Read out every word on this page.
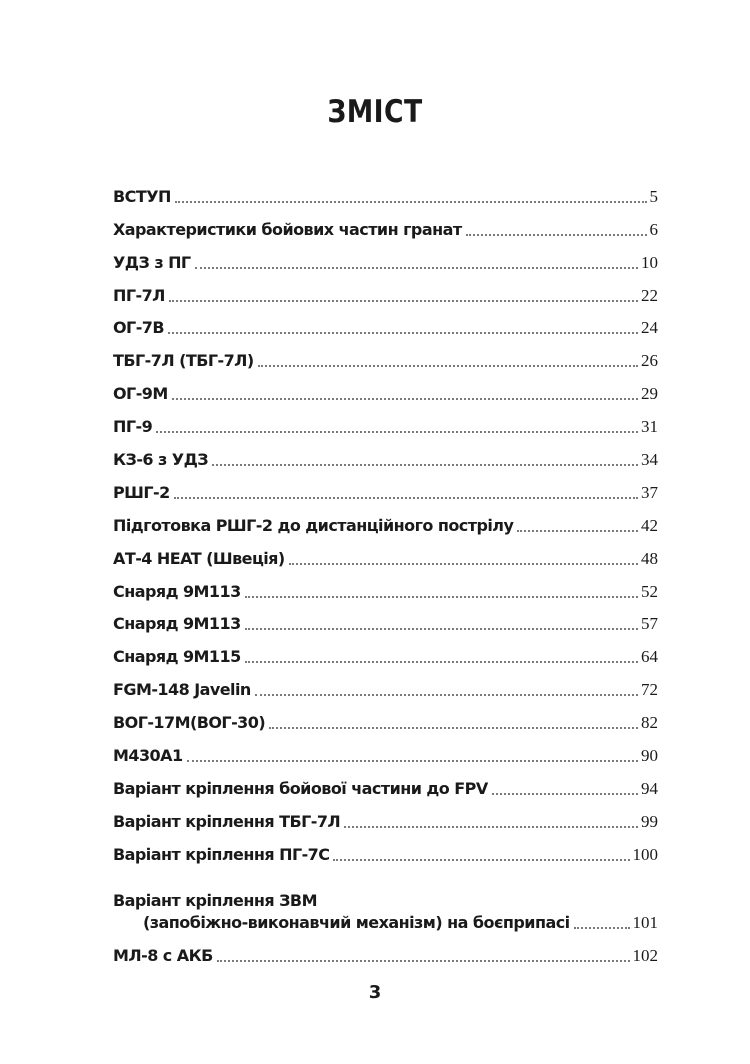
ЗМІСТ
ВСТУП	5
Характеристики бойових частин гранат	6
УДЗ з ПГ	10
ПГ-7Л	22
ОГ-7В	24
ТБГ-7Л (ТБГ-7Л)	26
ОГ-9М	29
ПГ-9	31
КЗ-6 з УДЗ	34
РШГ-2	37
Підготовка РШГ-2 до дистанційного пострілу	42
АТ-4 HEAT (Швеція)	48
Снаряд 9М113	52
Снаряд 9М113	57
Снаряд 9М115	64
FGM-148 Javelin	72
ВОГ-17М(ВОГ-30)	82
М430А1	90
Варіант кріплення бойової частини до FPV	94
Варіант кріплення ТБГ-7Л	99
Варіант кріплення ПГ-7С	100
Варіант кріплення ЗВМ
(запобіжно-виконавчий механізм) на боєприпасі	101
МЛ-8 с АКБ	102
3
